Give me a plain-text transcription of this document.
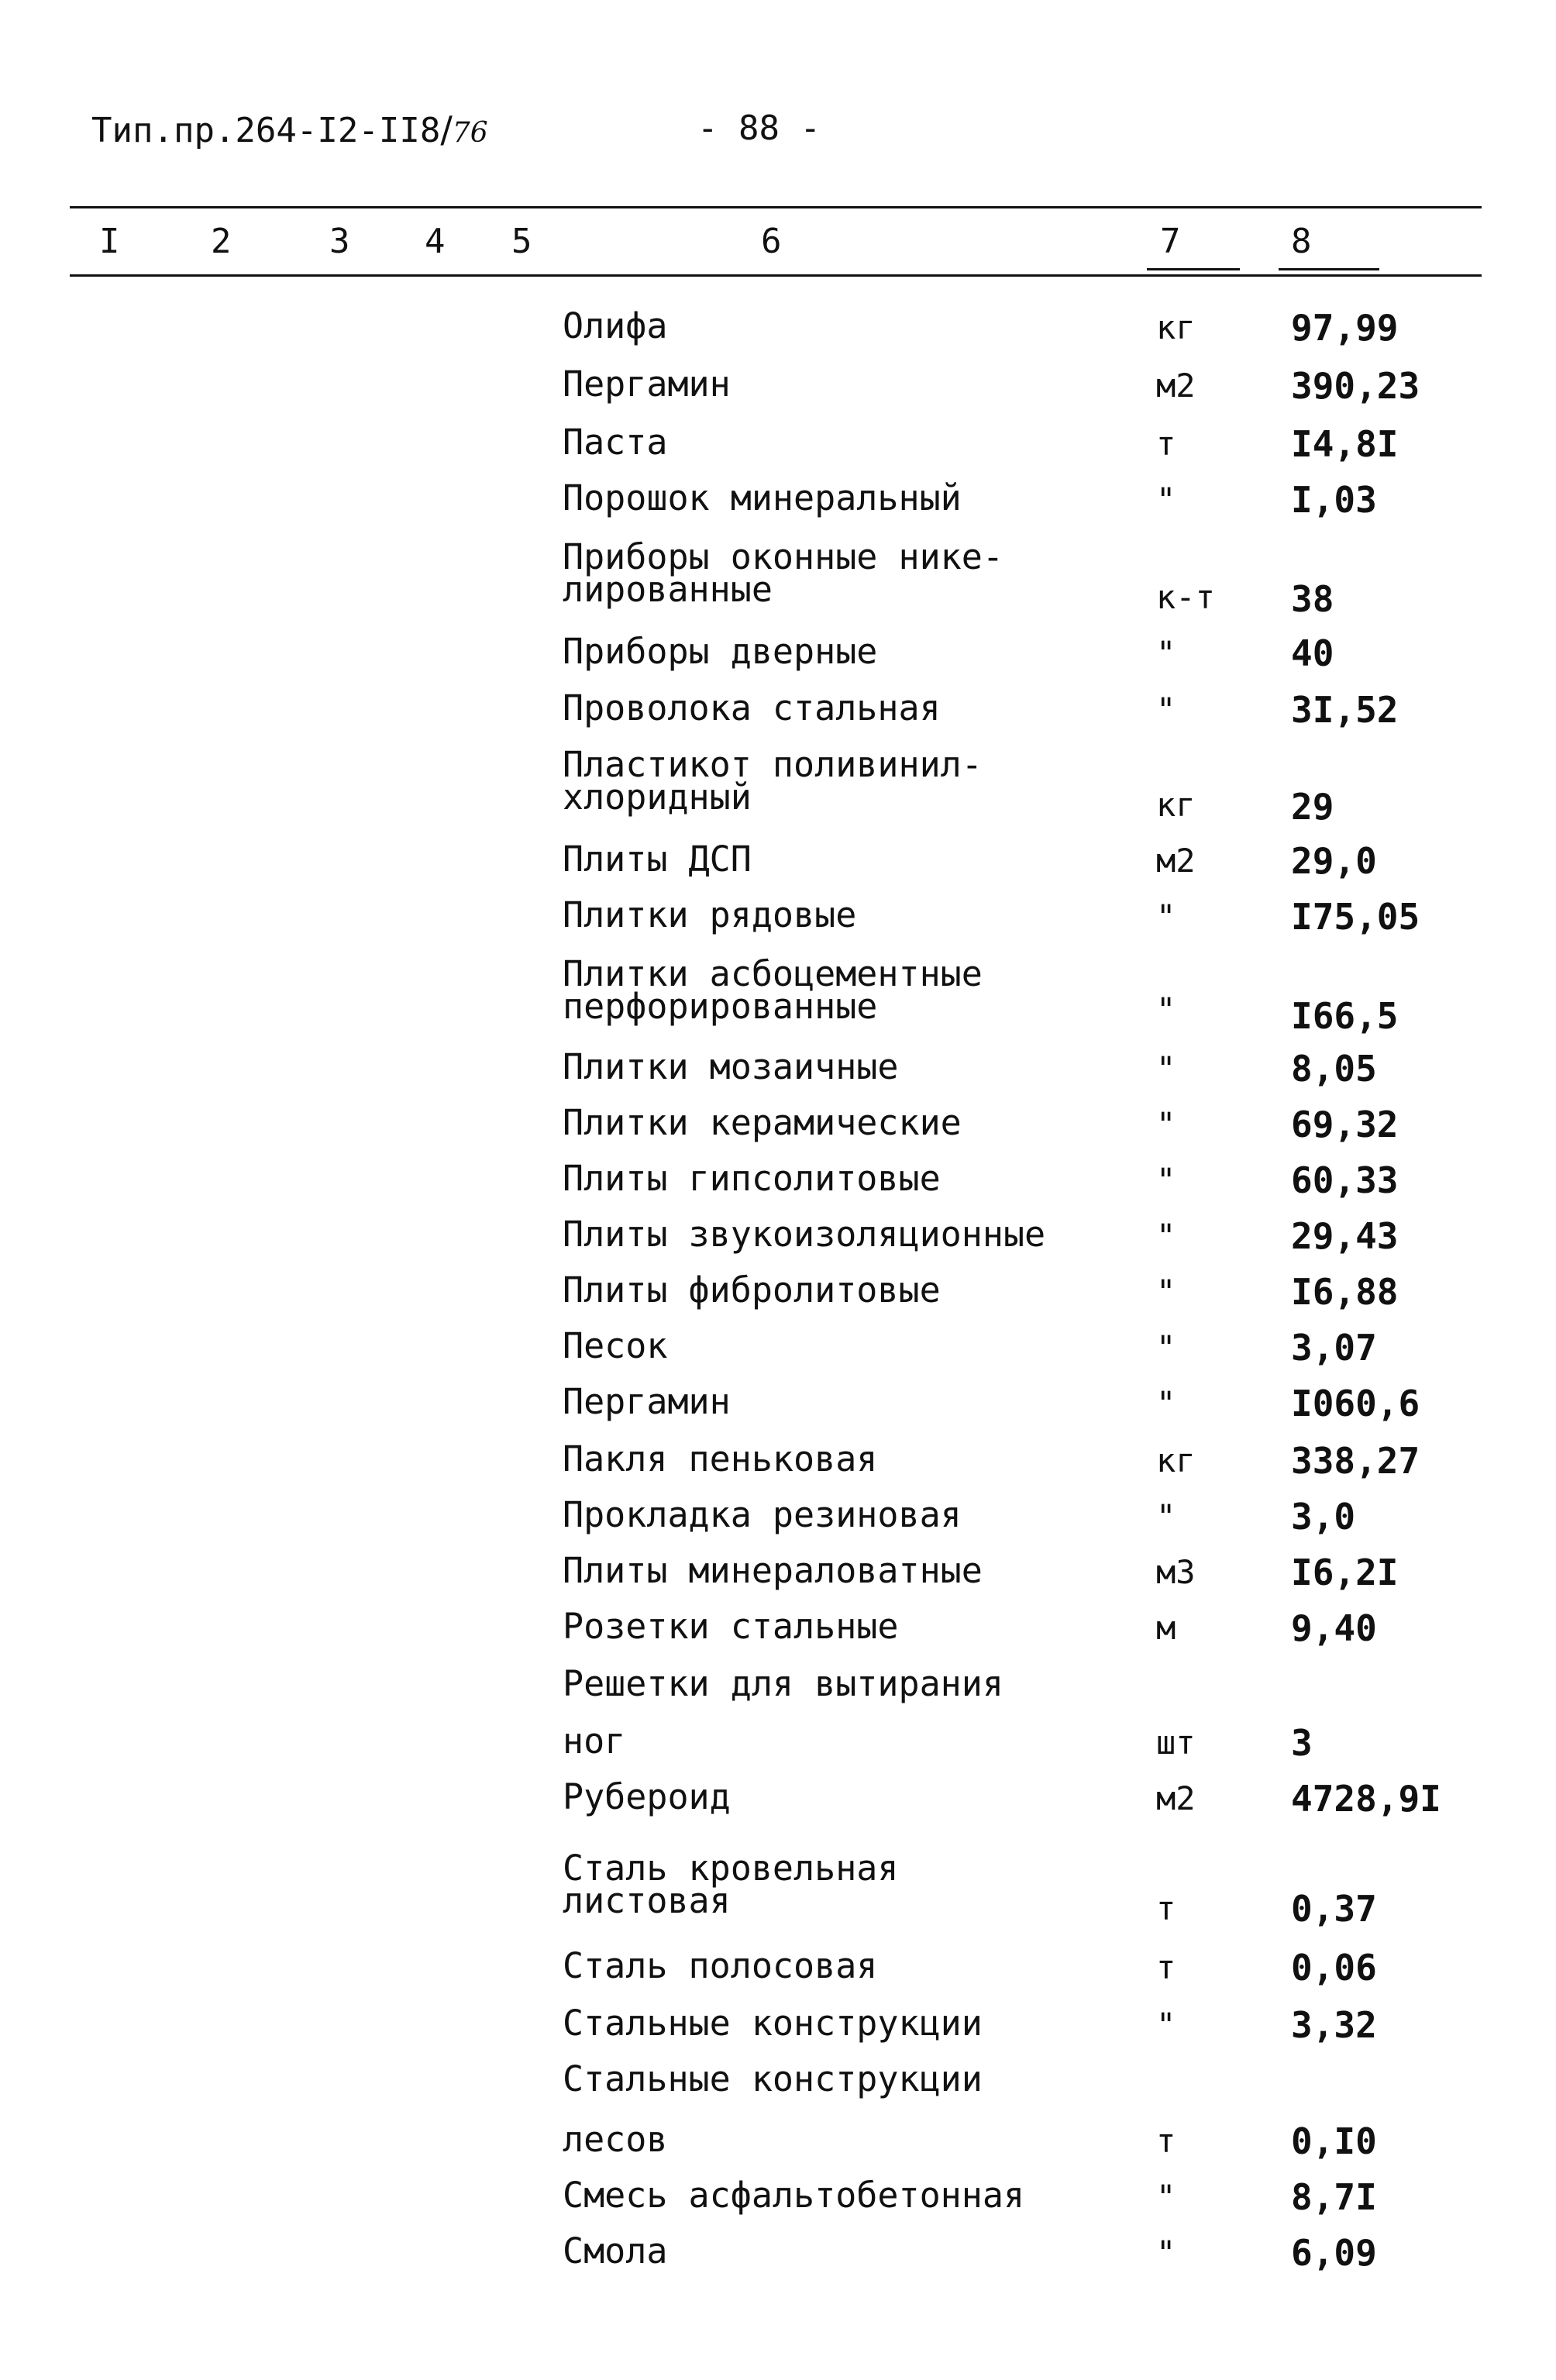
Тип.пр.264-I2-II8/76	- 88 -
I	2	3 4 5	6	7	8
Олифа	кг	97,99
Пергамин	м2	390,23
Паста	т	I4,8I
Порошок минеральный	"	I,03
Приборы оконные нике-
лированные	к-т 38
Приборы дверные	"	40
Проволока стальная	"	3I,52
Пластикот поливинил-
хлоридный	кг	29
Плиты ДСП	м2	29,0
Плитки рядовые	"	I75,05
Плитки асбоцементные
перфорированные	"	I66,5
Плитки мозаичные	"	8,05
Плитки керамические	"	69,32
Плиты гипсолитовые	"	60,33
Плиты звукоизоляционные	"	29,43
Плиты фибролитовые	"	I6,88
Песок	"	3,07
Пергамин	"	I060,6
Пакля пеньковая	кг	338,27
Прокладка резиновая	"	3,0
Плиты минераловатные	м3	I6,2I
Розетки стальные	м	9,40
Решетки для вытирания
ног	шт	3
Рубероид	м2	4728,9I
Сталь кровельная
листовая	т	0,37
Сталь полосовая	т	0,06
Стальные конструкции	"	3,32
Стальные конструкции
лесов	т	0,I0
Смесь асфальтобетонная	"	8,7I
Смола	"	6,09
